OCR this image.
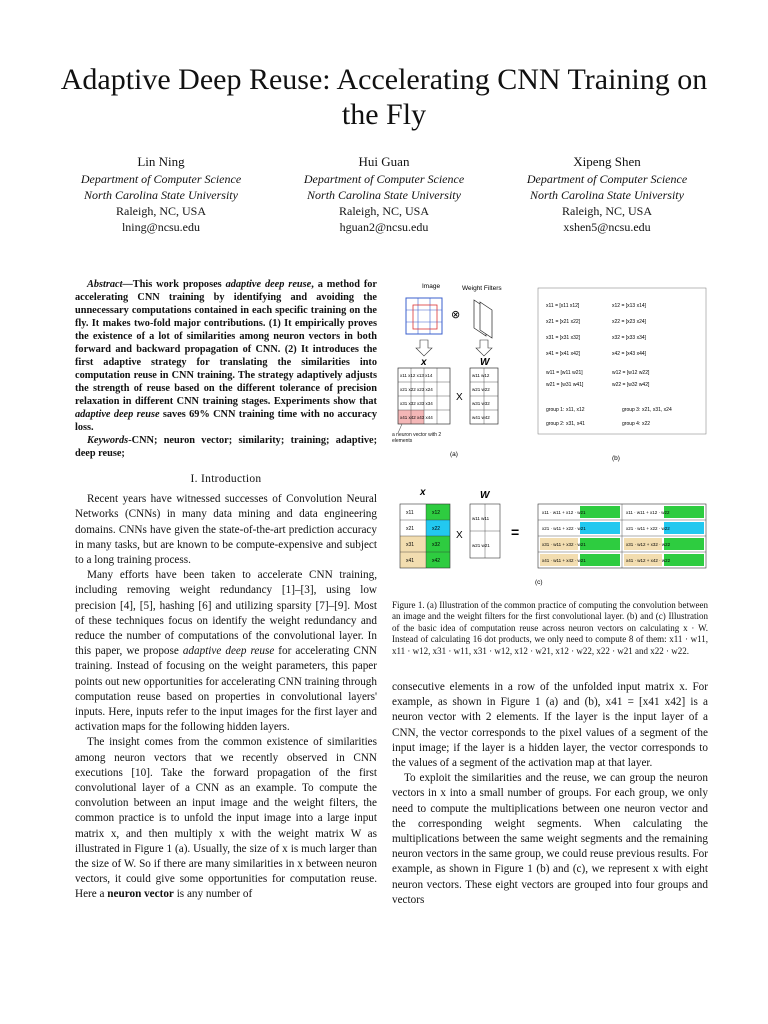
Adaptive Deep Reuse: Accelerating CNN Training on the Fly
Lin Ning
Department of Computer Science
North Carolina State University
Raleigh, NC, USA
lning@ncsu.edu
Hui Guan
Department of Computer Science
North Carolina State University
Raleigh, NC, USA
hguan2@ncsu.edu
Xipeng Shen
Department of Computer Science
North Carolina State University
Raleigh, NC, USA
xshen5@ncsu.edu

Abstract—This work proposes adaptive deep reuse, a method for accelerating CNN training by identifying and avoiding the unnecessary computations contained in each specific training on the fly. It makes two-fold major contributions. (1) It empirically proves the existence of a lot of similarities among neuron vectors in both forward and backward propagation of CNN. (2) It introduces the first adaptive strategy for translating the similarities into computation reuse in CNN training. The strategy adaptively adjusts the strength of reuse based on the different tolerance of precision relaxation in different CNN training stages. Experiments show that adaptive deep reuse saves 69% CNN training time with no accuracy loss.

Keywords-CNN; neuron vector; similarity; training; adaptive; deep reuse;

I. Introduction

Recent years have witnessed successes of Convolution Neural Networks (CNNs) in many data mining and data engineering domains. CNNs have given the state-of-the-art prediction accuracy in many tasks, but are known to be compute-expensive and subject to a long training process.

Many efforts have been taken to accelerate CNN training, including removing weight redundancy [1]–[3], using low precision [4], [5], hashing [6] and utilizing sparsity [7]–[9]. Most of these techniques focus on identify the weight redundancy and reduce the number of computations of the convolutional layer. In this paper, we propose adaptive deep reuse for accelerating CNN training. Instead of focusing on the weight parameters, this paper points out new opportunities for accelerating CNN training through computation reuse based on properties in convolutional layers' inputs. Here, inputs refer to the input images for the first layer and activation maps for the following hidden layers.

The insight comes from the common existence of similarities among neuron vectors that we recently observed in CNN executions [10]. Take the forward propagation of the first convolutional layer of a CNN as an example. To compute the convolution between an input image and the weight filters, the common practice is to unfold the input image into a large input matrix x, and then multiply x with the weight matrix W as illustrated in Figure 1 (a). Usually, the size of x is much larger than the size of W. So if there are many similarities in x between neuron vectors, it could give some opportunities for computation reuse. Here a neuron vector is any number of

Image
⊗
Weight Filters
x	W
x11 x12 x13 x14
x21 x22 x23 x24
x31 x32 x33 x34
x41 x42 x43 x44
X
w11 w12
w21 w22
w31 w32
w41 w42
a neuron vector with 2 elements
(a)
x11 = [x11 x12]	x12 = [x13 x14]
x21 = [x21 x22]	x22 = [x23 x24]
x31 = [x31 x32]	x32 = [x33 x34]
x41 = [x41 x42]	x42 = [x43 x44]
w11 = [w11 w21]	w12 = [w12 w22]
w21 = [w31 w41]	w22 = [w32 w42]
group 1: x11, x12	group 3: x21, x31, x24
group 2: x31, x41	group 4: x22
(b)
x	W
x11	x12
x21	x22
x31	x32
x41	x42
X
w11 w11
w21 w21
=
x11 · w11 + x12 · w21	x11 · w11 + x12 · w22
x21 · w11 + x22 · w21	x21 · w11 + x22 · w22
x31 · w11 + x32 · w21	x31 · w12 + x32 · w22
x41 · w11 + x42 · w21	x41 · w12 + x42 · w22
(c)
Figure 1. (a) Illustration of the common practice of computing the convolution between an image and the weight filters for the first convolutional layer. (b) and (c) Illustration of the basic idea of computation reuse across neuron vectors on calculating x · W. Instead of calculating 16 dot products, we only need to compute 8 of them: x11 · w11, x11 · w12, x31 · w11, x31 · w12, x12 · w21, x12 · w22, x22 · w21 and x22 · w22.

consecutive elements in a row of the unfolded input matrix x. For example, as shown in Figure 1 (a) and (b), x41 = [x41 x42] is a neuron vector with 2 elements. If the layer is the input layer of a CNN, the vector corresponds to the pixel values of a segment of the input image; if the layer is a hidden layer, the vector corresponds to the values of a segment of the activation map at that layer.

To exploit the similarities and the reuse, we can group the neuron vectors in x into a small number of groups. For each group, we only need to compute the multiplications between one neuron vector and the corresponding weight segments. When calculating the multiplications between the same weight segments and the remaining neuron vectors in the same group, we could reuse previous results. For example, as shown in Figure 1 (b) and (c), we represent x with eight neuron vectors. These eight vectors are grouped into four groups and vectors
